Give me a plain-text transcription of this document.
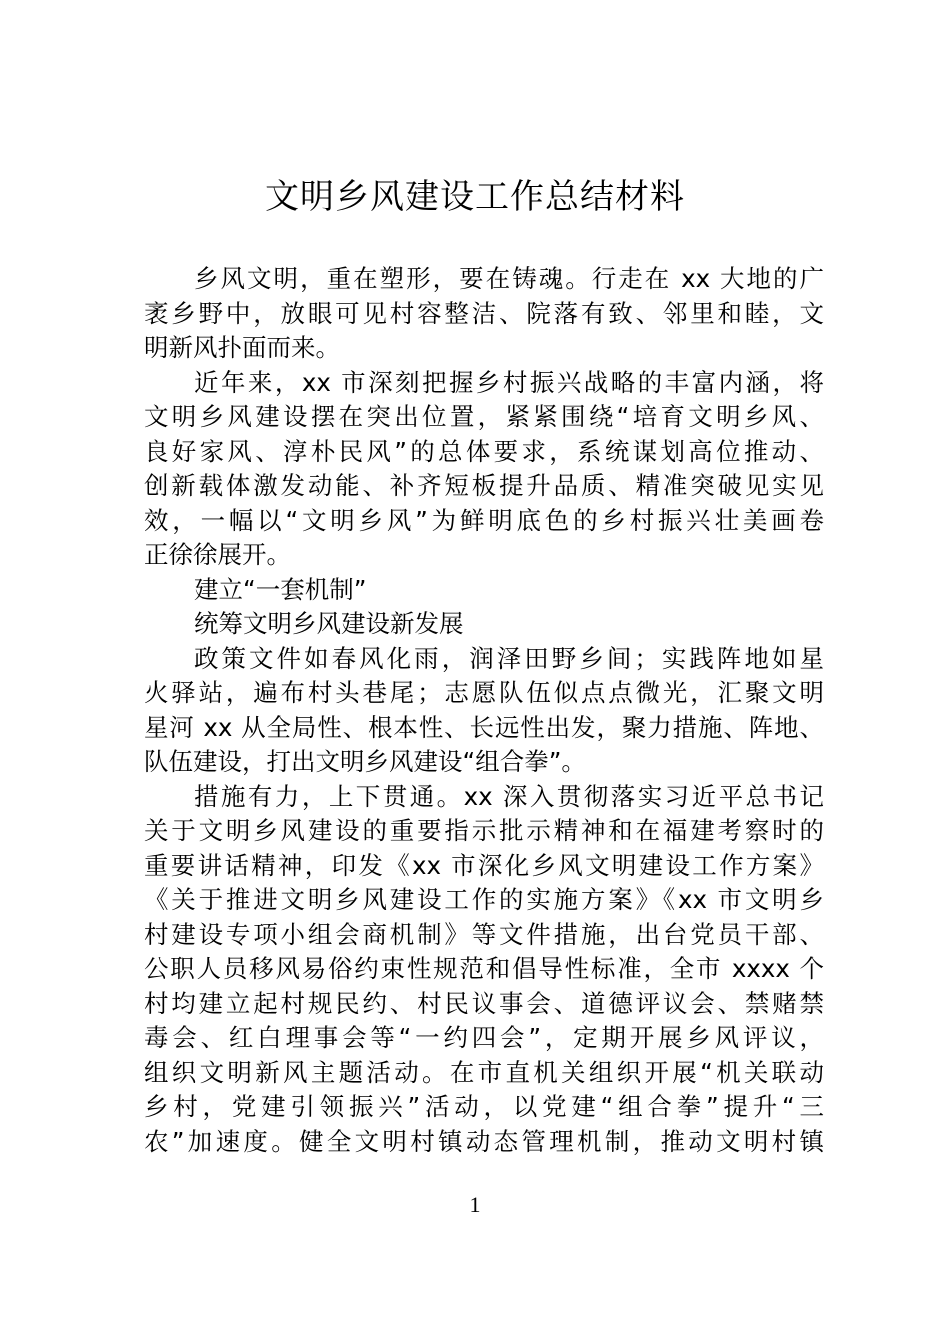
文明乡风建设工作总结材料
乡风文明，重在塑形，要在铸魂。行走在 xx 大地的广
袤乡野中，放眼可见村容整洁、院落有致、邻里和睦，文
明新风扑面而来。
近年来，xx 市深刻把握乡村振兴战略的丰富内涵，将
文明乡风建设摆在突出位置，紧紧围绕“培育文明乡风、
良好家风、淳朴民风”的总体要求，系统谋划高位推动、
创新载体激发动能、补齐短板提升品质、精准突破见实见
效，一幅以“文明乡风”为鲜明底色的乡村振兴壮美画卷
正徐徐展开。
建立“一套机制”
统筹文明乡风建设新发展
政策文件如春风化雨，润泽田野乡间；实践阵地如星
火驿站，遍布村头巷尾；志愿队伍似点点微光，汇聚文明
星河 xx 从全局性、根本性、长远性出发，聚力措施、阵地、
队伍建设，打出文明乡风建设“组合拳”。
措施有力，上下贯通。xx 深入贯彻落实习近平总书记
关于文明乡风建设的重要指示批示精神和在福建考察时的
重要讲话精神，印发《xx 市深化乡风文明建设工作方案》
《关于推进文明乡风建设工作的实施方案》《xx 市文明乡
村建设专项小组会商机制》等文件措施，出台党员干部、
公职人员移风易俗约束性规范和倡导性标准，全市 xxxx 个
村均建立起村规民约、村民议事会、道德评议会、禁赌禁
毒会、红白理事会等“一约四会”，定期开展乡风评议，
组织文明新风主题活动。在市直机关组织开展“机关联动
乡村，党建引领振兴”活动，以党建“组合拳”提升“三
农”加速度。健全文明村镇动态管理机制，推动文明村镇
1
